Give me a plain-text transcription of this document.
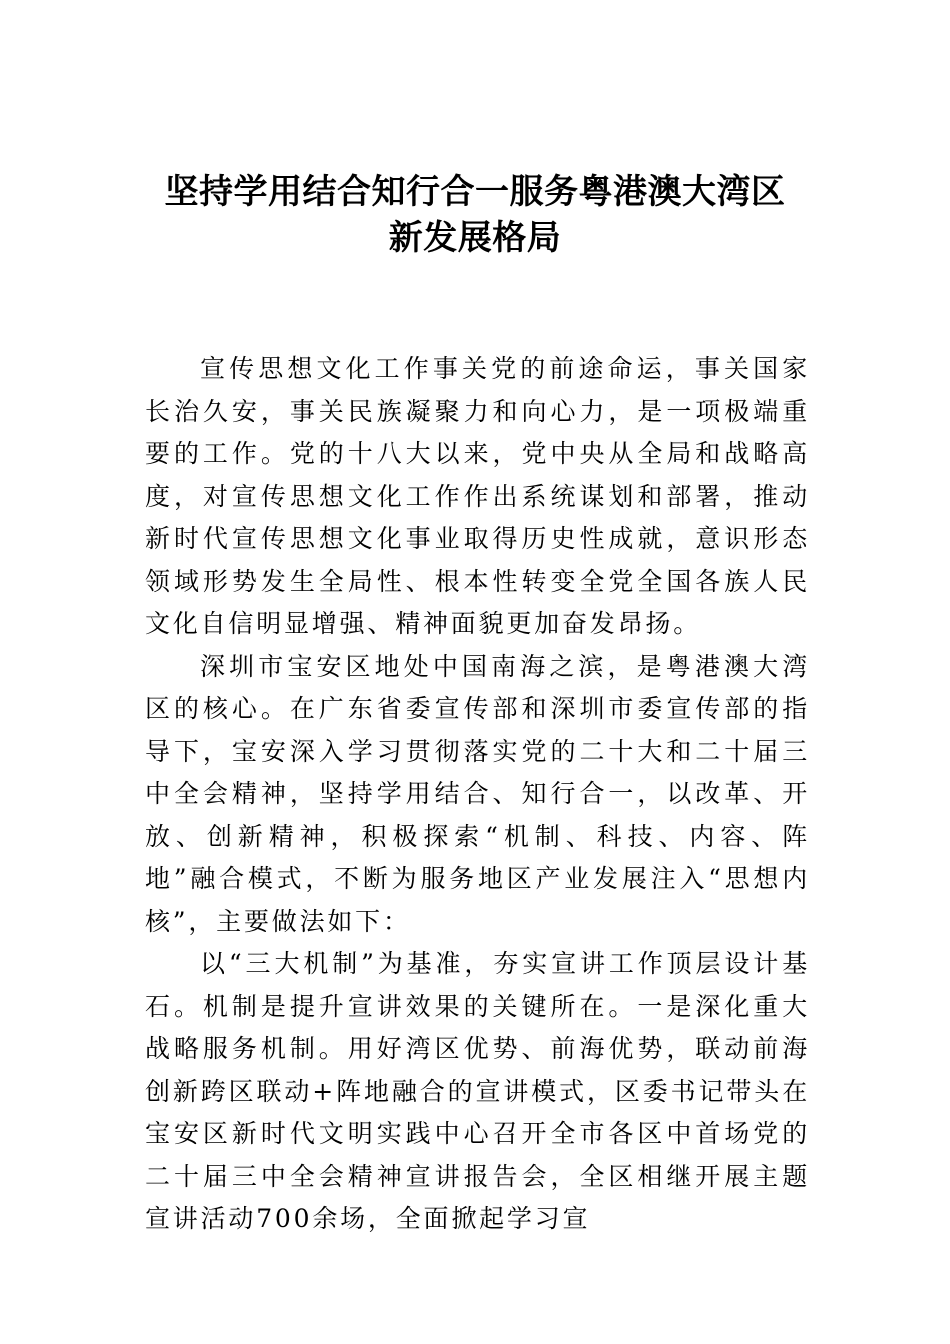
坚持学用结合知行合一服务粤港澳大湾区
新发展格局

宣传思想文化工作事关党的前途命运，事关国家长治久安，事关民族凝聚力和向心力，是一项极端重要的工作。党的十八大以来，党中央从全局和战略高度，对宣传思想文化工作作出系统谋划和部署，推动新时代宣传思想文化事业取得历史性成就，意识形态领域形势发生全局性、根本性转变全党全国各族人民文化自信明显增强、精神面貌更加奋发昂扬。

深圳市宝安区地处中国南海之滨，是粤港澳大湾区的核心。在广东省委宣传部和深圳市委宣传部的指导下，宝安深入学习贯彻落实党的二十大和二十届三中全会精神，坚持学用结合、知行合一，以改革、开放、创新精神，积极探索“机制、科技、内容、阵地”融合模式，不断为服务地区产业发展注入“思想内核”，主要做法如下：

以“三大机制”为基准，夯实宣讲工作顶层设计基石。机制是提升宣讲效果的关键所在。一是深化重大战略服务机制。用好湾区优势、前海优势，联动前海创新跨区联动+阵地融合的宣讲模式，区委书记带头在宝安区新时代文明实践中心召开全市各区中首场党的二十届三中全会精神宣讲报告会，全区相继开展主题宣讲活动700余场，全面掀起学习宣
